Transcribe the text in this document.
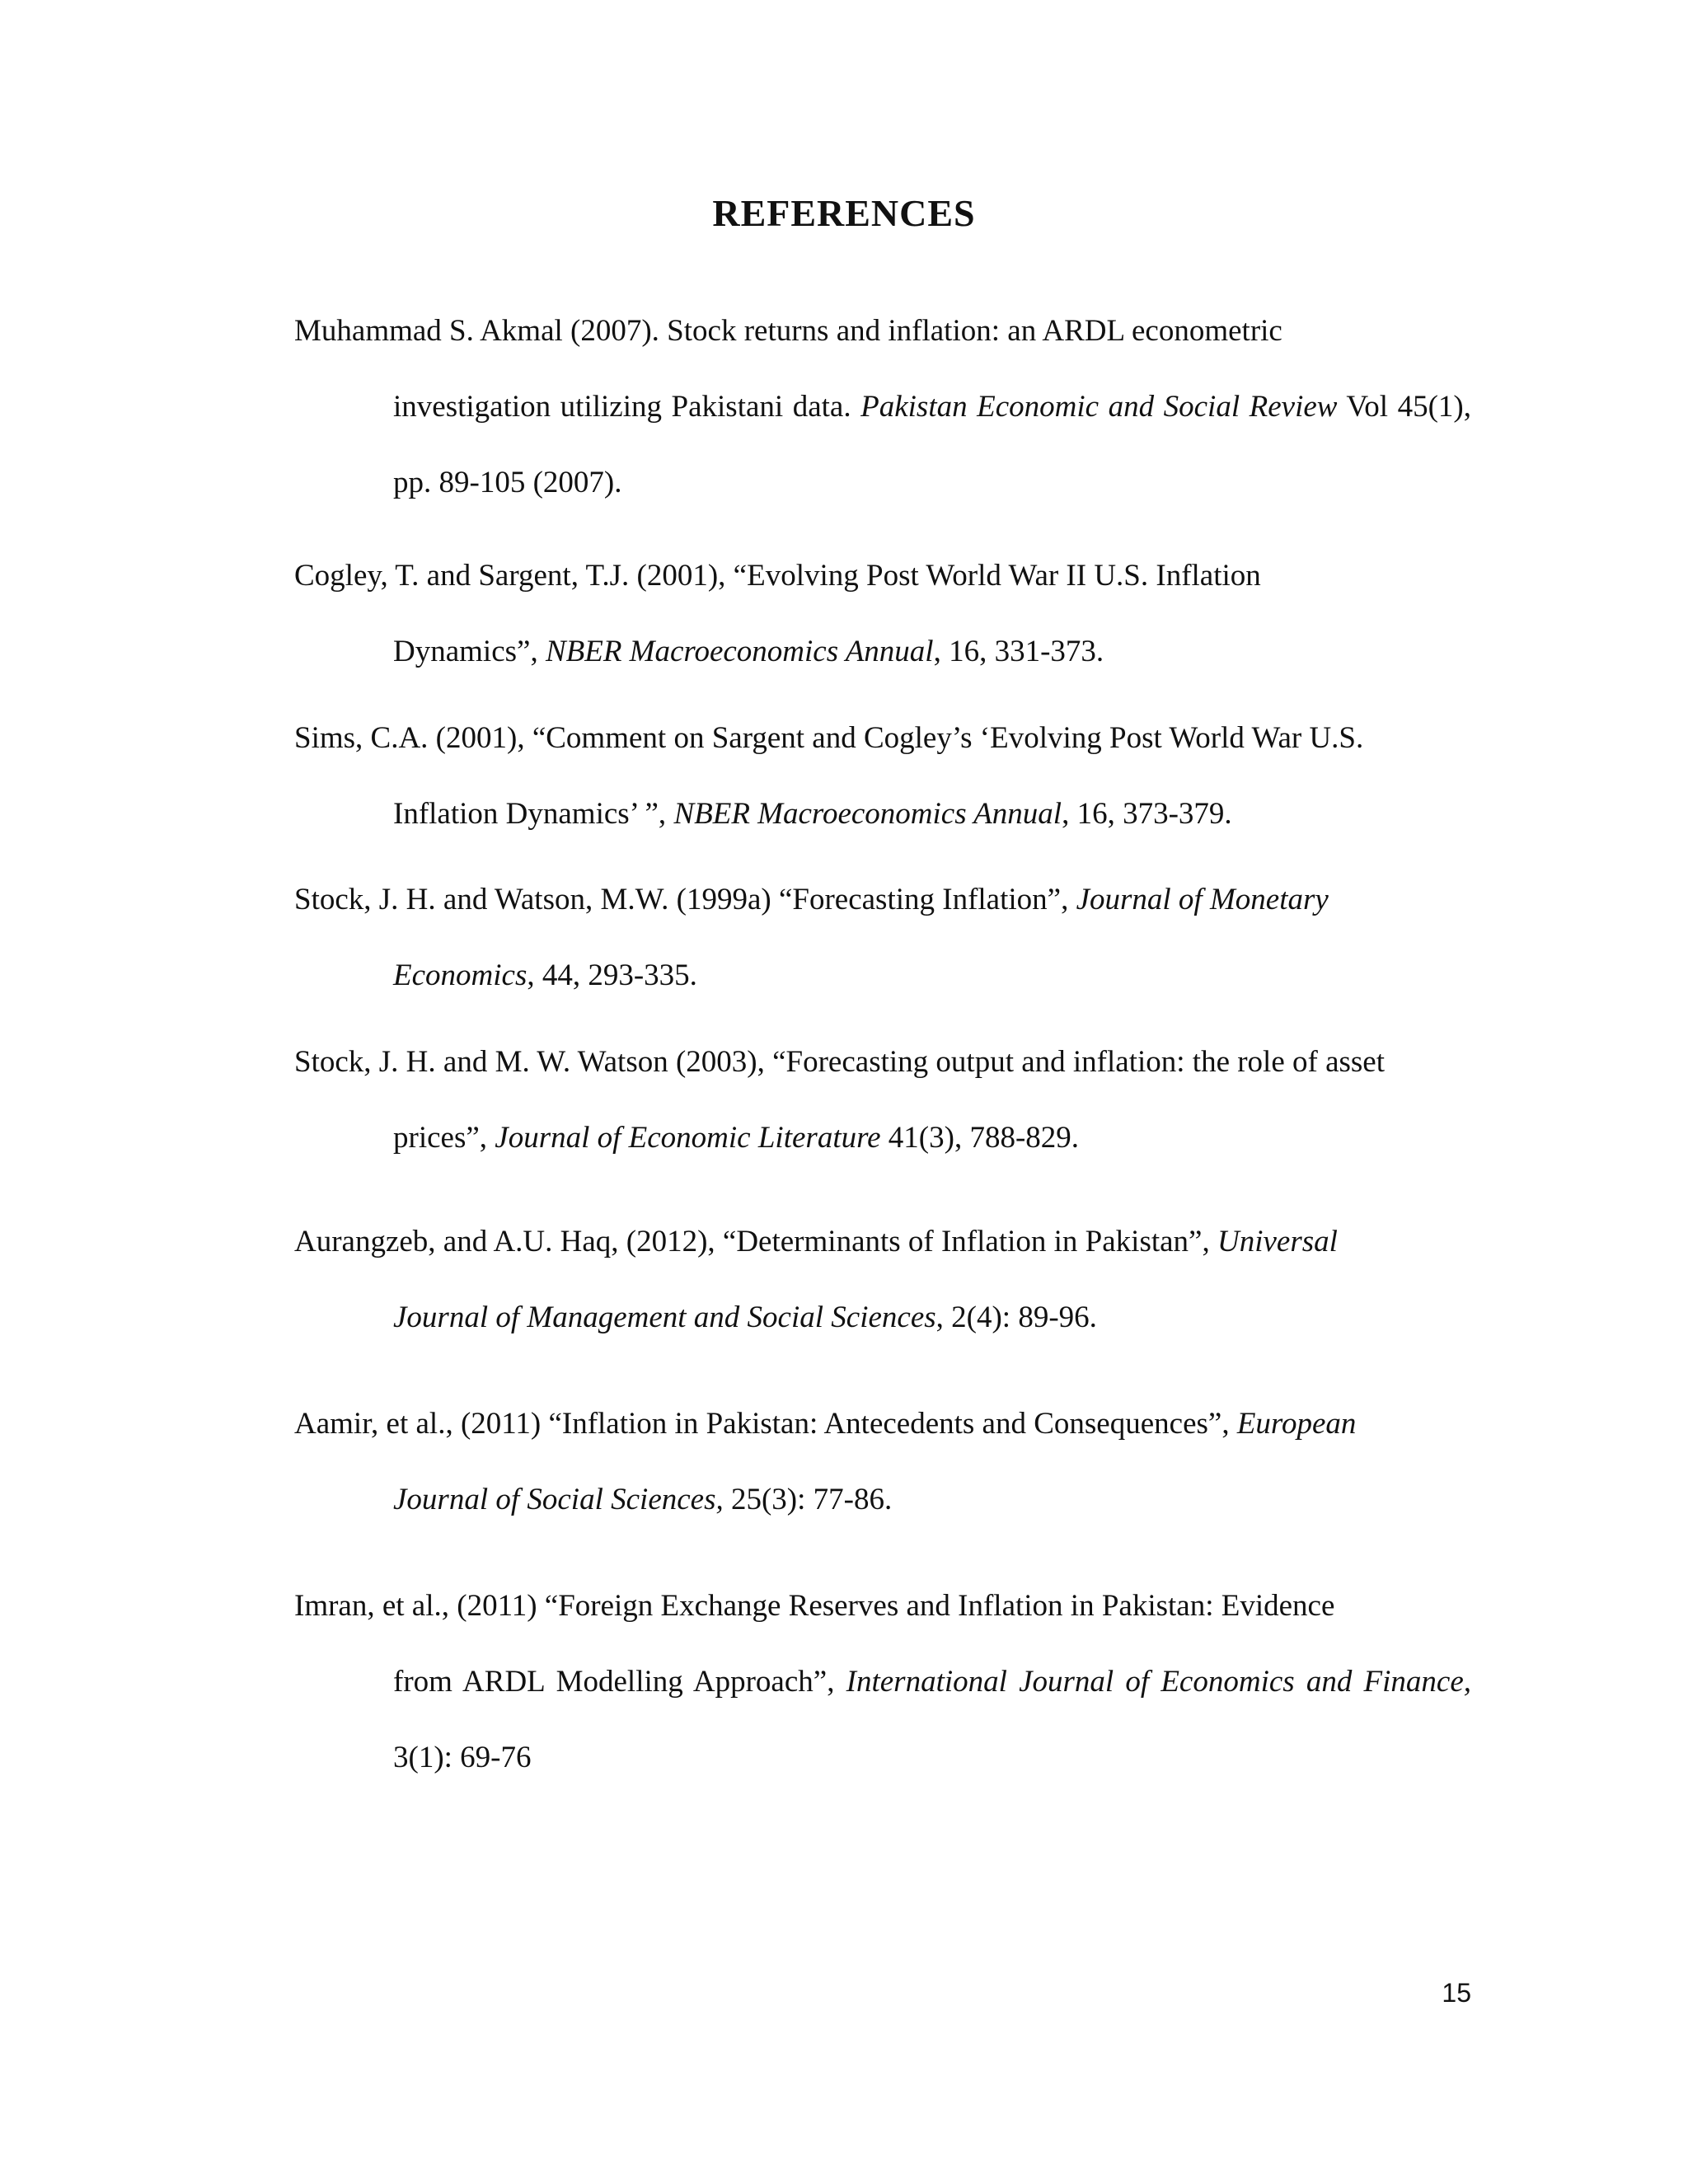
REFERENCES
Muhammad S. Akmal (2007). Stock returns and inflation: an ARDL econometric
investigation utilizing Pakistani data. Pakistan Economic and Social Review Vol 45(1), pp. 89-105 (2007).
Cogley, T. and Sargent, T.J. (2001), “Evolving Post World War II U.S. Inflation
Dynamics”, NBER Macroeconomics Annual, 16, 331-373.
Sims, C.A. (2001), “Comment on Sargent and Cogley’s ‘Evolving Post World War U.S.
Inflation Dynamics’ ”, NBER Macroeconomics Annual, 16, 373-379.
Stock, J. H. and Watson, M.W. (1999a) “Forecasting Inflation”, Journal of Monetary
Economics, 44, 293-335.
Stock, J. H. and M. W. Watson (2003), “Forecasting output and inflation: the role of asset
prices”, Journal of Economic Literature 41(3), 788-829.
Aurangzeb, and A.U. Haq, (2012), “Determinants of Inflation in Pakistan”, Universal
Journal of Management and Social Sciences, 2(4): 89-96.
Aamir, et al., (2011) “Inflation in Pakistan: Antecedents and Consequences”, European
Journal of Social Sciences, 25(3): 77-86.
Imran, et al., (2011) “Foreign Exchange Reserves and Inflation in Pakistan: Evidence
from ARDL Modelling Approach”, International Journal of Economics and Finance, 3(1): 69-76
15
